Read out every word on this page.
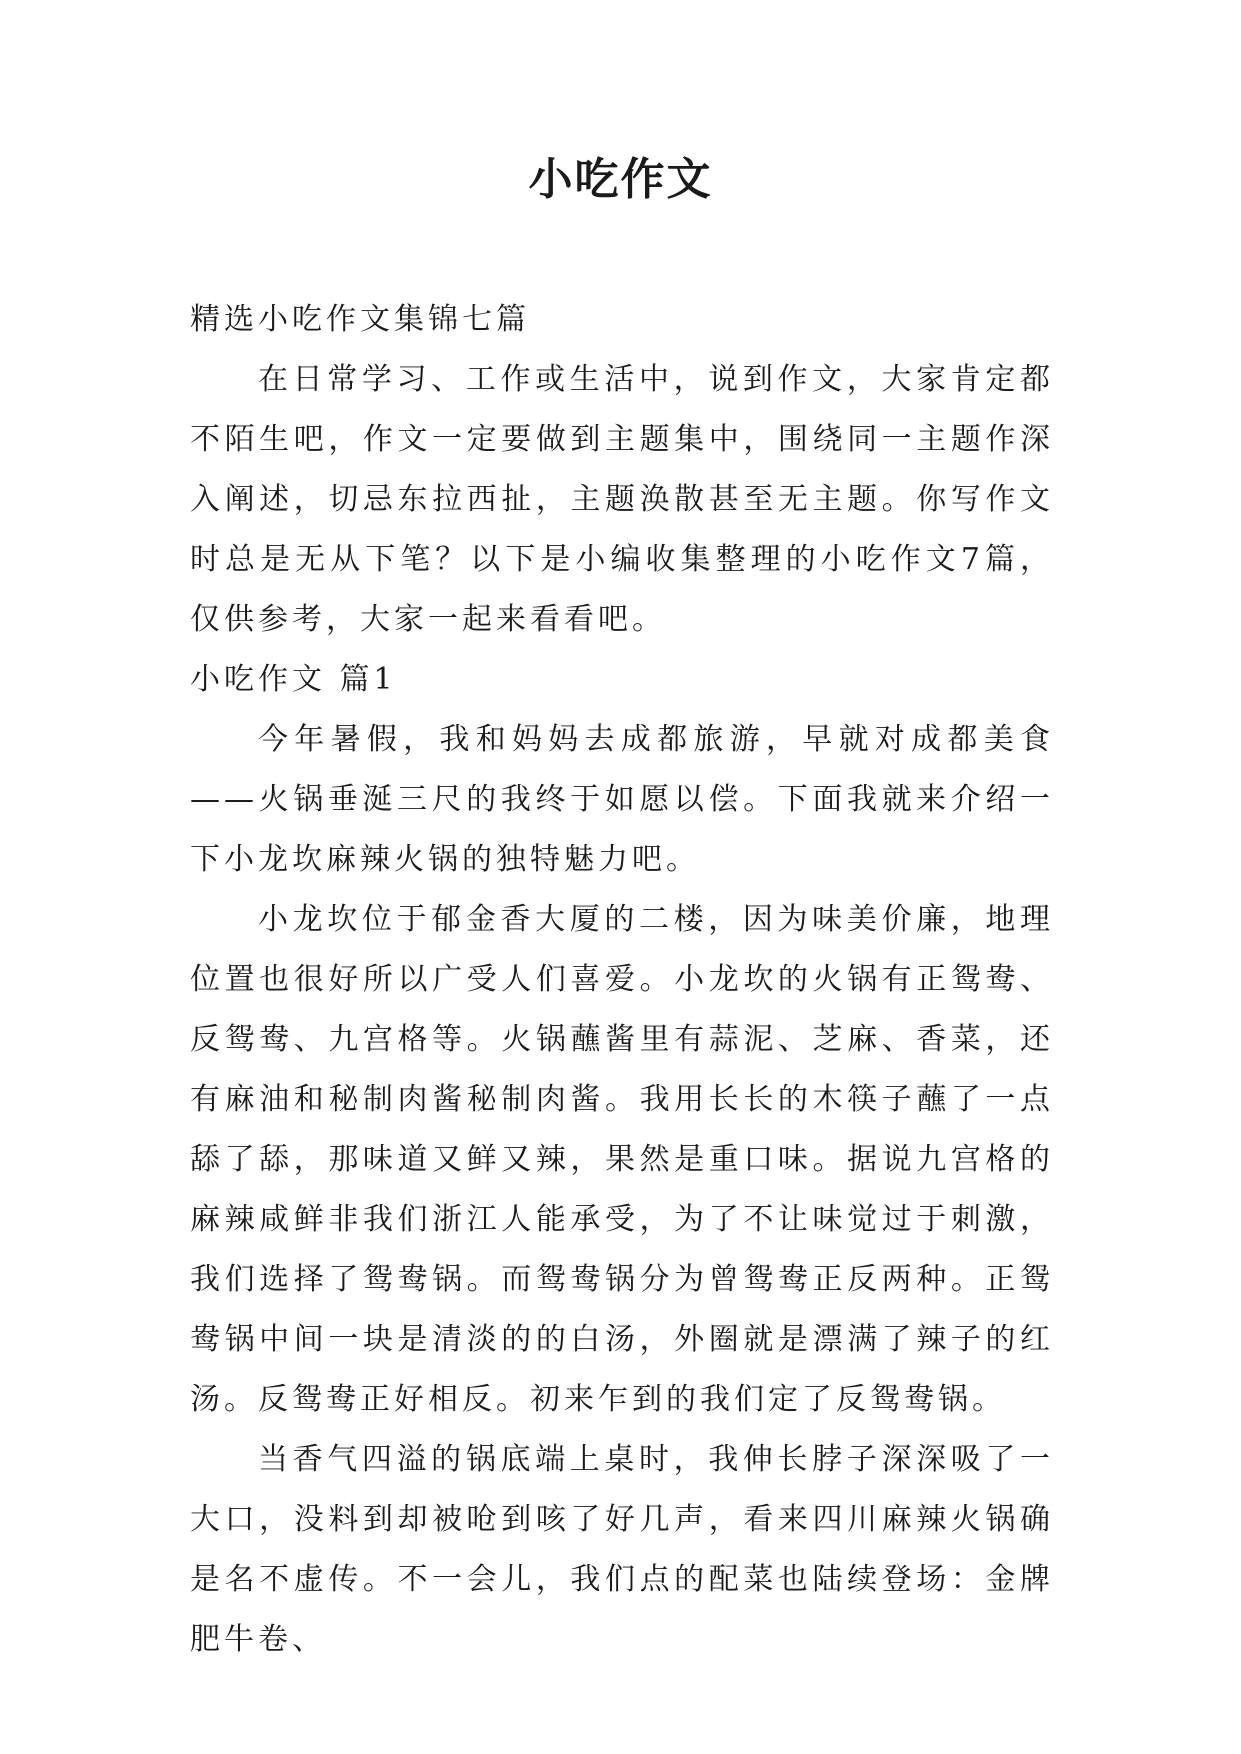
小吃作文

精选小吃作文集锦七篇

在日常学习、工作或生活中，说到作文，大家肯定都不陌生吧，作文一定要做到主题集中，围绕同一主题作深入阐述，切忌东拉西扯，主题涣散甚至无主题。你写作文时总是无从下笔？以下是小编收集整理的小吃作文7篇，仅供参考，大家一起来看看吧。

小吃作文 篇1

今年暑假，我和妈妈去成都旅游，早就对成都美食——火锅垂涎三尺的我终于如愿以偿。下面我就来介绍一下小龙坎麻辣火锅的独特魅力吧。

小龙坎位于郁金香大厦的二楼，因为味美价廉，地理位置也很好所以广受人们喜爱。小龙坎的火锅有正鸳鸯、反鸳鸯、九宫格等。火锅蘸酱里有蒜泥、芝麻、香菜，还有麻油和秘制肉酱秘制肉酱。我用长长的木筷子蘸了一点舔了舔，那味道又鲜又辣，果然是重口味。据说九宫格的麻辣咸鲜非我们浙江人能承受，为了不让味觉过于刺激，我们选择了鸳鸯锅。而鸳鸯锅分为曾鸳鸯正反两种。正鸳鸯锅中间一块是清淡的的白汤，外圈就是漂满了辣子的红汤。反鸳鸯正好相反。初来乍到的我们定了反鸳鸯锅。

当香气四溢的锅底端上桌时，我伸长脖子深深吸了一大口，没料到却被呛到咳了好几声，看来四川麻辣火锅确是名不虚传。不一会儿，我们点的配菜也陆续登场：金牌肥牛卷、
